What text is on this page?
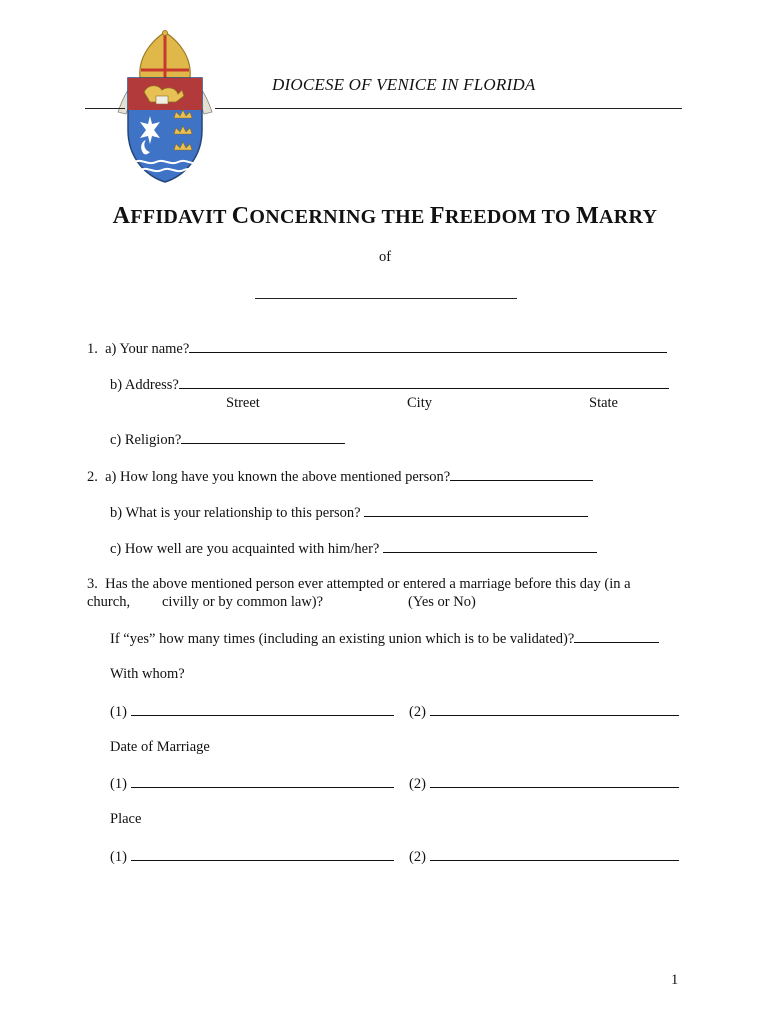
DIOCESE OF VENICE IN FLORIDA
AFFIDAVIT CONCERNING THE FREEDOM TO MARRY
of
1.  a) Your name?
b) Address?
Street	City	State
c) Religion?
2.  a) How long have you known the above mentioned person?
b) What is your relationship to this person?
c) How well are you acquainted with him/her?
3.  Has the above mentioned person ever attempted or entered a marriage before this day (in a
church, civilly or by common law)?	(Yes or No)
If “yes” how many times (including an existing union which is to be validated)?
With whom?
(1)	(2)
Date of Marriage
(1)	(2)
Place
(1)	(2)
1
